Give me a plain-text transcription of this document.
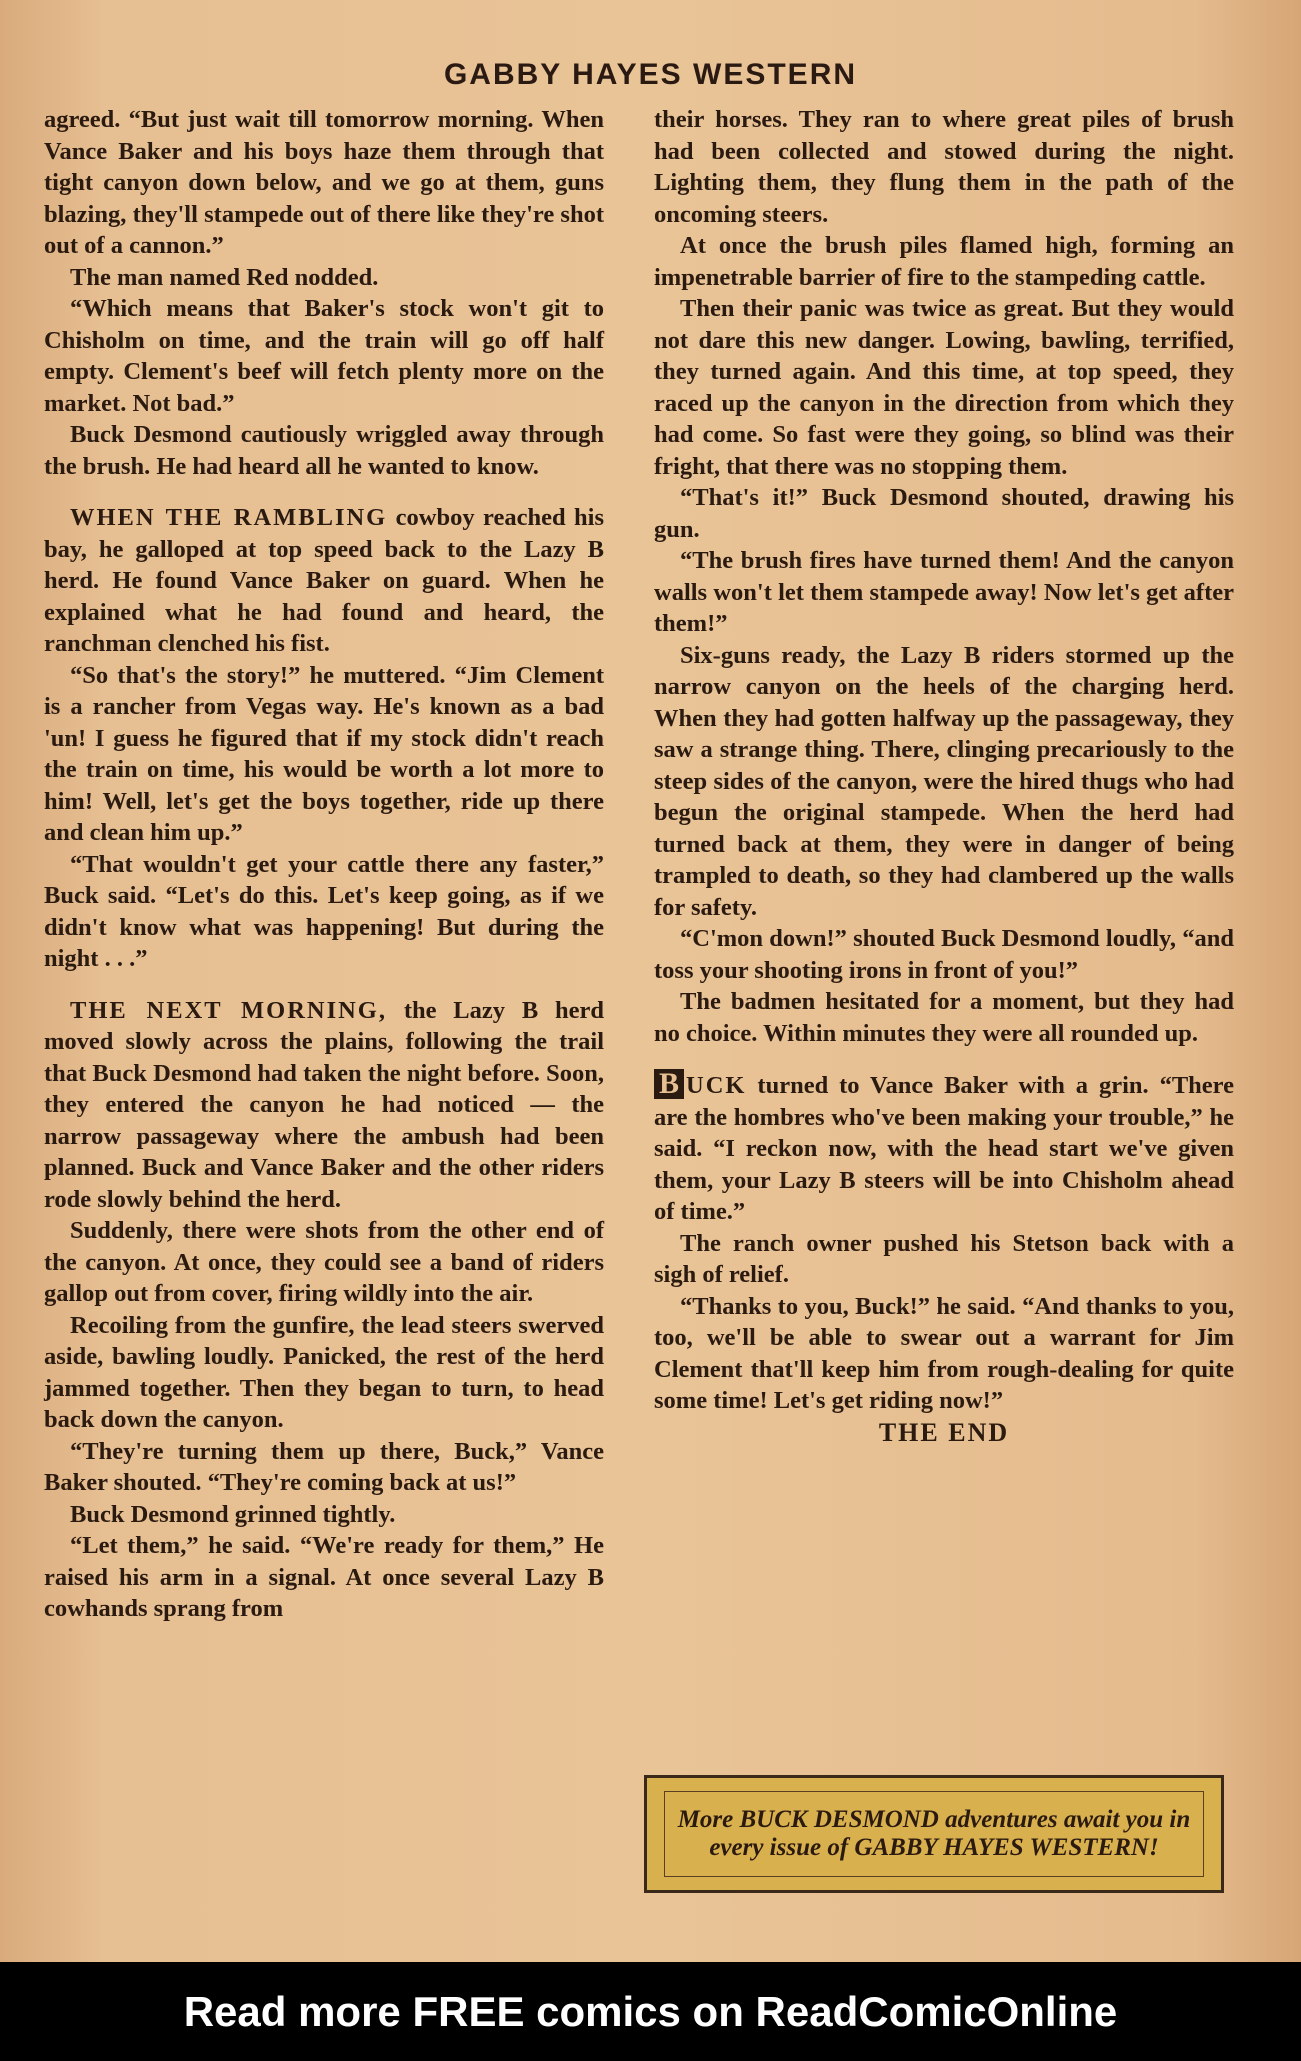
GABBY HAYES WESTERN

agreed. “But just wait till tomorrow morning. When Vance Baker and his boys haze them through that tight canyon down below, and we go at them, guns blazing, they'll stampede out of there like they're shot out of a cannon.”

The man named Red nodded.

“Which means that Baker's stock won't git to Chisholm on time, and the train will go off half empty. Clement's beef will fetch plenty more on the market. Not bad.”

Buck Desmond cautiously wriggled away through the brush. He had heard all he wanted to know.

WHEN THE RAMBLING cowboy reached his bay, he galloped at top speed back to the Lazy B herd. He found Vance Baker on guard. When he explained what he had found and heard, the ranchman clenched his fist.

“So that's the story!” he muttered. “Jim Clement is a rancher from Vegas way. He's known as a bad 'un! I guess he figured that if my stock didn't reach the train on time, his would be worth a lot more to him! Well, let's get the boys together, ride up there and clean him up.”

“That wouldn't get your cattle there any faster,” Buck said. “Let's do this. Let's keep going, as if we didn't know what was happening! But during the night . . .”

THE NEXT MORNING, the Lazy B herd moved slowly across the plains, following the trail that Buck Desmond had taken the night before. Soon, they entered the canyon he had noticed — the narrow passageway where the ambush had been planned. Buck and Vance Baker and the other riders rode slowly behind the herd.

Suddenly, there were shots from the other end of the canyon. At once, they could see a band of riders gallop out from cover, firing wildly into the air.

Recoiling from the gunfire, the lead steers swerved aside, bawling loudly. Panicked, the rest of the herd jammed together. Then they began to turn, to head back down the canyon.

“They're turning them up there, Buck,” Vance Baker shouted. “They're coming back at us!”

Buck Desmond grinned tightly.

“Let them,” he said. “We're ready for them,” He raised his arm in a signal. At once several Lazy B cowhands sprang from

their horses. They ran to where great piles of brush had been collected and stowed during the night. Lighting them, they flung them in the path of the oncoming steers.

At once the brush piles flamed high, forming an impenetrable barrier of fire to the stampeding cattle.

Then their panic was twice as great. But they would not dare this new danger. Lowing, bawling, terrified, they turned again. And this time, at top speed, they raced up the canyon in the direction from which they had come. So fast were they going, so blind was their fright, that there was no stopping them.

“That's it!” Buck Desmond shouted, drawing his gun.

“The brush fires have turned them! And the canyon walls won't let them stampede away! Now let's get after them!”

Six-guns ready, the Lazy B riders stormed up the narrow canyon on the heels of the charging herd. When they had gotten halfway up the passageway, they saw a strange thing. There, clinging precariously to the steep sides of the canyon, were the hired thugs who had begun the original stampede. When the herd had turned back at them, they were in danger of being trampled to death, so they had clambered up the walls for safety.

“C'mon down!” shouted Buck Desmond loudly, “and toss your shooting irons in front of you!”

The badmen hesitated for a moment, but they had no choice. Within minutes they were all rounded up.

B UCK turned to Vance Baker with a grin. “There are the hombres who've been making your trouble,” he said. “I reckon now, with the head start we've given them, your Lazy B steers will be into Chisholm ahead of time.”

The ranch owner pushed his Stetson back with a sigh of relief.

“Thanks to you, Buck!” he said. “And thanks to you, too, we'll be able to swear out a warrant for Jim Clement that'll keep him from rough-dealing for quite some time! Let's get riding now!”

THE END

More BUCK DESMOND adventures await you in every issue of GABBY HAYES WESTERN!
Read more FREE comics on ReadComicOnline
